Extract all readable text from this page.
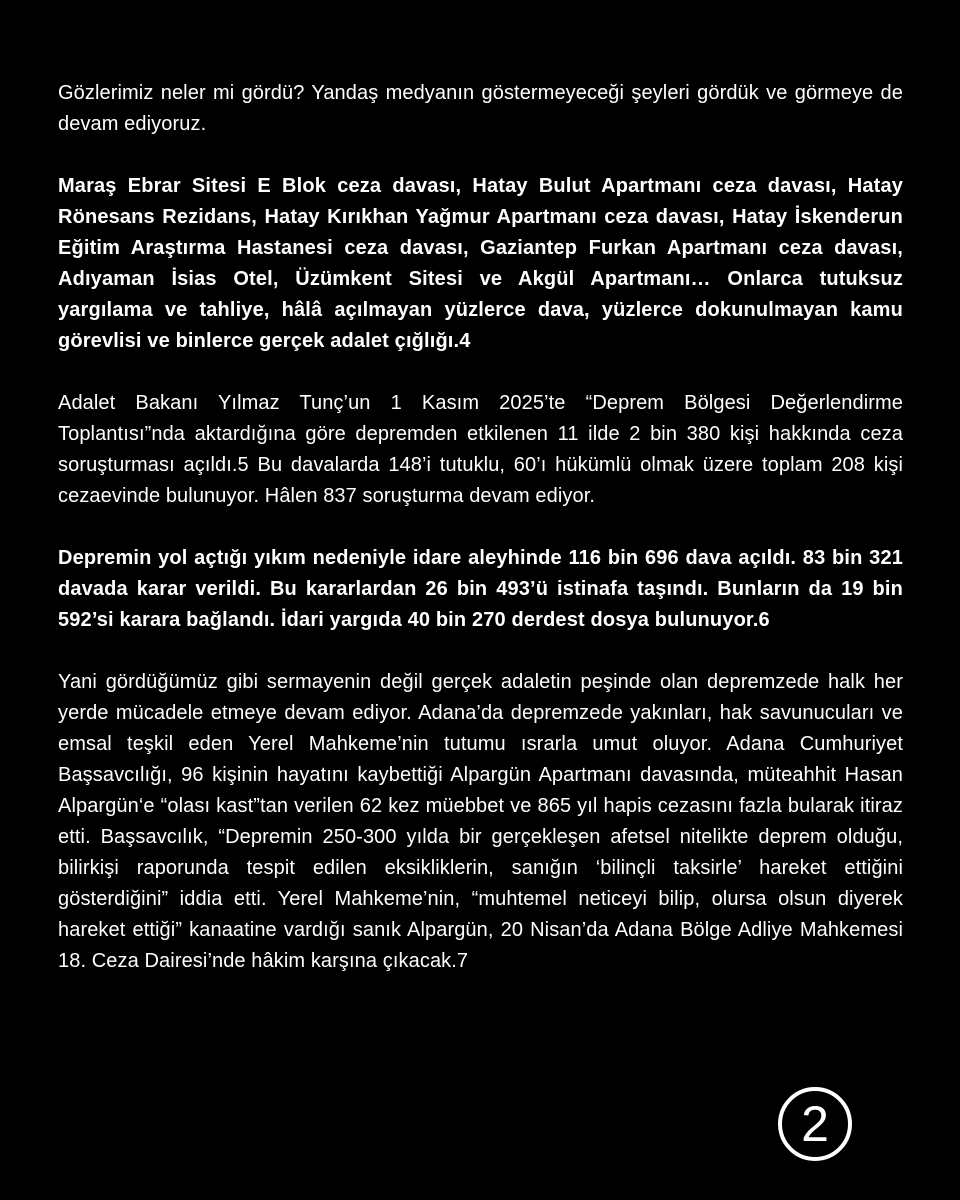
Gözlerimiz neler mi gördü? Yandaş medyanın göstermeyeceği şeyleri gördük ve görmeye de devam ediyoruz.

Maraş Ebrar Sitesi E Blok ceza davası, Hatay Bulut Apartmanı ceza davası, Hatay Rönesans Rezidans, Hatay Kırıkhan Yağmur Apartmanı ceza davası, Hatay İskenderun Eğitim Araştırma Hastanesi ceza davası, Gaziantep Furkan Apartmanı ceza davası, Adıyaman İsias Otel, Üzümkent Sitesi ve Akgül Apartmanı… Onlarca tutuksuz yargılama ve tahliye, hâlâ açılmayan yüzlerce dava, yüzlerce dokunulmayan kamu görevlisi ve binlerce gerçek adalet çığlığı.4

Adalet Bakanı Yılmaz Tunç’un 1 Kasım 2025’te “Deprem Bölgesi Değerlendirme Toplantısı”nda aktardığına göre depremden etkilenen 11 ilde 2 bin 380 kişi hakkında ceza soruşturması açıldı.5 Bu davalarda 148’i tutuklu, 60’ı hükümlü olmak üzere toplam 208 kişi cezaevinde bulunuyor. Hâlen 837 soruşturma devam ediyor.

Depremin yol açtığı yıkım nedeniyle idare aleyhinde 116 bin 696 dava açıldı. 83 bin 321 davada karar verildi. Bu kararlardan 26 bin 493’ü istinafa taşındı. Bunların da 19 bin 592’si karara bağlandı. İdari yargıda 40 bin 270 derdest dosya bulunuyor.6

Yani gördüğümüz gibi sermayenin değil gerçek adaletin peşinde olan depremzede halk her yerde mücadele etmeye devam ediyor. Adana’da depremzede yakınları, hak savunucuları ve emsal teşkil eden Yerel Mahkeme’nin tutumu ısrarla umut oluyor. Adana Cumhuriyet Başsavcılığı, 96 kişinin hayatını kaybettiği Alpargün Apartmanı davasında, müteahhit Hasan Alpargün‘e “olası kast”tan verilen 62 kez müebbet ve 865 yıl hapis cezasını fazla bularak itiraz etti. Başsavcılık, “Depremin 250-300 yılda bir gerçekleşen afetsel nitelikte deprem olduğu, bilirkişi raporunda tespit edilen eksikliklerin, sanığın ‘bilinçli taksirle’ hareket ettiğini gösterdiğini” iddia etti. Yerel Mahkeme’nin, “muhtemel neticeyi bilip, olursa olsun diyerek hareket ettiği” kanaatine vardığı sanık Alpargün, 20 Nisan’da Adana Bölge Adliye Mahkemesi 18. Ceza Dairesi’nde hâkim karşına çıkacak.7

2
